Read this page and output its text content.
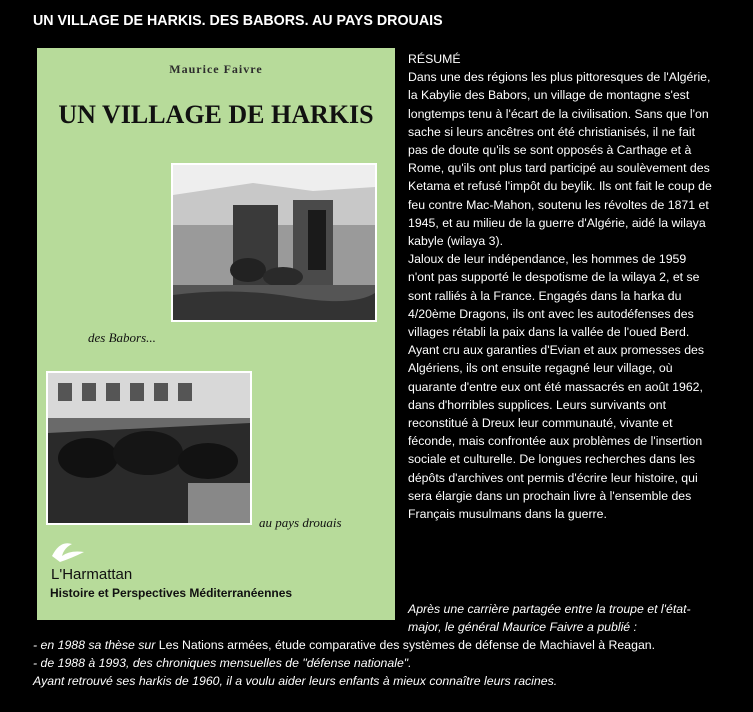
UN VILLAGE DE HARKIS. DES BABORS. AU PAYS DROUAIS
Maurice Faivre
UN VILLAGE DE HARKIS
des Babors...
au pays drouais
L'Harmattan
Histoire et Perspectives Méditerranéennes

RÉSUMÉ

Dans une des régions les plus pittoresques de l'Algérie, la Kabylie des Babors, un village de montagne s'est longtemps tenu à l'écart de la civilisation. Sans que l'on sache si leurs ancêtres ont été christianisés, il ne fait pas de doute qu'ils se sont opposés à Carthage et à Rome, qu'ils ont plus tard participé au soulèvement des Ketama et refusé l'impôt du beylik. Ils ont fait le coup de feu contre Mac-Mahon, soutenu les révoltes de 1871 et 1945, et au milieu de la guerre d'Algérie, aidé la wilaya kabyle (wilaya 3).

Jaloux de leur indépendance, les hommes de 1959 n'ont pas supporté le despotisme de la wilaya 2, et se sont ralliés à la France. Engagés dans la harka du 4/20ème Dragons, ils ont avec les autodéfenses des villages rétabli la paix dans la vallée de l'oued Berd. Ayant cru aux garanties d'Evian et aux promesses des Algériens, ils ont ensuite regagné leur village, où quarante d'entre eux ont été massacrés en août 1962, dans d'horribles supplices. Leurs survivants ont reconstitué à Dreux leur communauté, vivante et féconde, mais confrontée aux problèmes de l'insertion sociale et culturelle. De longues recherches dans les dépôts d'archives ont permis d'écrire leur histoire, qui sera élargie dans un prochain livre à l'ensemble des Français musulmans dans la guerre.

Après une carrière partagée entre la troupe et l'état-major, le général Maurice Faivre a publié :
- en 1988 sa thèse sur Les Nations armées, étude comparative des systèmes de défense de Machiavel à Reagan.
- de 1988 à 1993, des chroniques mensuelles de "défense nationale".
Ayant retrouvé ses harkis de 1960, il a voulu aider leurs enfants à mieux connaître leurs racines.
